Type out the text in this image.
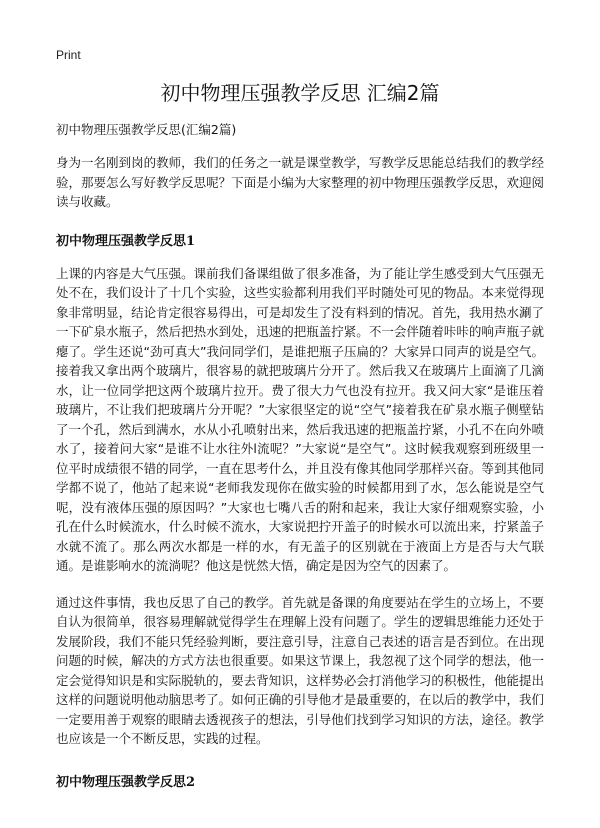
Print
初中物理压强教学反思 汇编2篇

初中物理压强教学反思(汇编2篇)

身为一名刚到岗的教师，我们的任务之一就是课堂教学，写教学反思能总结我们的教学经验，那要怎么写好教学反思呢？下面是小编为大家整理的初中物理压强教学反思，欢迎阅读与收藏。

初中物理压强教学反思1

上课的内容是大气压强。课前我们备课组做了很多准备，为了能让学生感受到大气压强无处不在，我们设计了十几个实验，这些实验都利用我们平时随处可见的物品。本来觉得现象非常明显，结论肯定很容易得出，可是却发生了没有料到的情况。首先，我用热水涮了一下矿泉水瓶子，然后把热水到处，迅速的把瓶盖拧紧。不一会伴随着咔咔的响声瓶子就瘪了。学生还说“劲可真大”我问同学们，是谁把瓶子压扁的？大家异口同声的说是空气。接着我又拿出两个玻璃片，很容易的就把玻璃片分开了。然后我又在玻璃片上面滴了几滴水，让一位同学把这两个玻璃片拉开。费了很大力气也没有拉开。我又问大家“是谁压着玻璃片，不让我们把玻璃片分开呢？”大家很坚定的说“空气”接着我在矿泉水瓶子侧壁钻了一个孔，然后到满水，水从小孔喷射出来，然后我迅速的把瓶盖拧紧，小孔不在向外喷水了，接着问大家“是谁不让水往外l流呢？”大家说“是空气”。这时候我观察到班级里一位平时成绩很不错的同学，一直在思考什么，并且没有像其他同学那样兴奋。等到其他同学都不说了，他站了起来说“老师我发现你在做实验的时候都用到了水，怎么能说是空气呢，没有液体压强的原因吗？”大家也七嘴八舌的附和起来，我让大家仔细观察实验，小孔在什么时候流水，什么时候不流水，大家说把拧开盖子的时候水可以流出来，拧紧盖子水就不流了。那么两次水都是一样的水，有无盖子的区别就在于液面上方是否与大气联通。是谁影响水的流淌呢？他这是恍然大悟，确定是因为空气的因素了。

通过这件事情，我也反思了自己的教学。首先就是备课的角度要站在学生的立场上，不要自认为很简单，很容易理解就觉得学生在理解上没有问题了。学生的逻辑思维能力还处于发展阶段，我们不能只凭经验判断，要注意引导，注意自己表述的语言是否到位。在出现问题的时候，解决的方式方法也很重要。如果这节课上，我忽视了这个同学的想法，他一定会觉得知识是和实际脱轨的，要去背知识，这样势必会打消他学习的积极性，他能提出这样的问题说明他动脑思考了。如何正确的引导他才是最重要的，在以后的教学中，我们一定要用善于观察的眼睛去透视孩子的想法，引导他们找到学习知识的方法，途径。教学也应该是一个不断反思，实践的过程。

初中物理压强教学反思2
